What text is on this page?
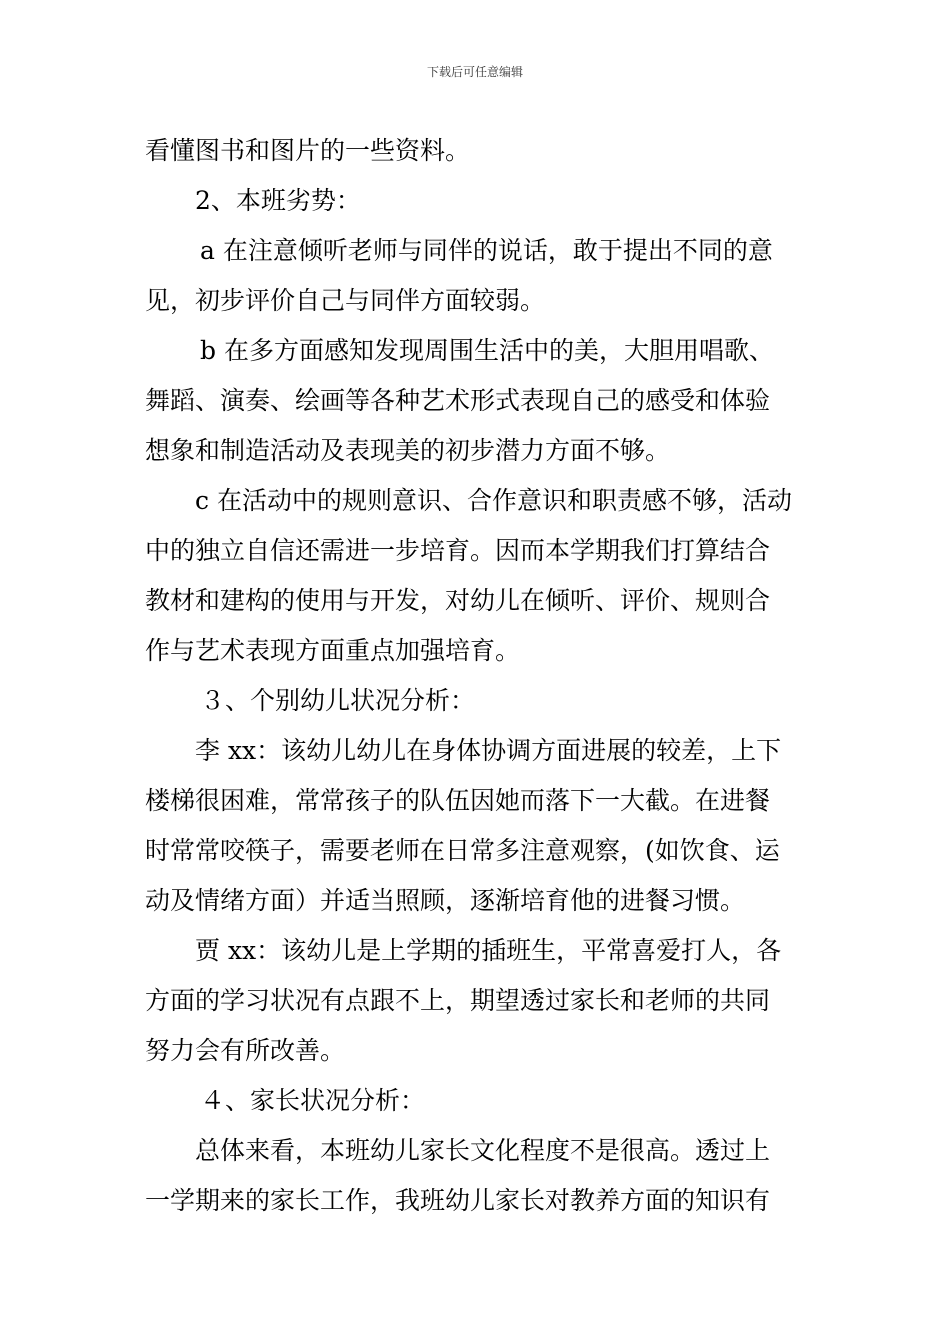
下载后可任意编辑
看懂图书和图片的一些资料。
2、本班劣势：
a 在注意倾听老师与同伴的说话，敢于提出不同的意
见，初步评价自己与同伴方面较弱。
b 在多方面感知发现周围生活中的美，大胆用唱歌、
舞蹈、演奏、绘画等各种艺术形式表现自己的感受和体验
想象和制造活动及表现美的初步潜力方面不够。
c 在活动中的规则意识、合作意识和职责感不够，活动
中的独立自信还需进一步培育。因而本学期我们打算结合
教材和建构的使用与开发，对幼儿在倾听、评价、规则合
作与艺术表现方面重点加强培育。
３、个别幼儿状况分析：
李 xx：该幼儿幼儿在身体协调方面进展的较差，上下
楼梯很困难，常常孩子的队伍因她而落下一大截。在进餐
时常常咬筷子，需要老师在日常多注意观察，(如饮食、运
动及情绪方面）并适当照顾，逐渐培育他的进餐习惯。
贾 xx：该幼儿是上学期的插班生，平常喜爱打人，各
方面的学习状况有点跟不上，期望透过家长和老师的共同
努力会有所改善。
４、家长状况分析：
总体来看，本班幼儿家长文化程度不是很高。透过上
一学期来的家长工作，我班幼儿家长对教养方面的知识有
